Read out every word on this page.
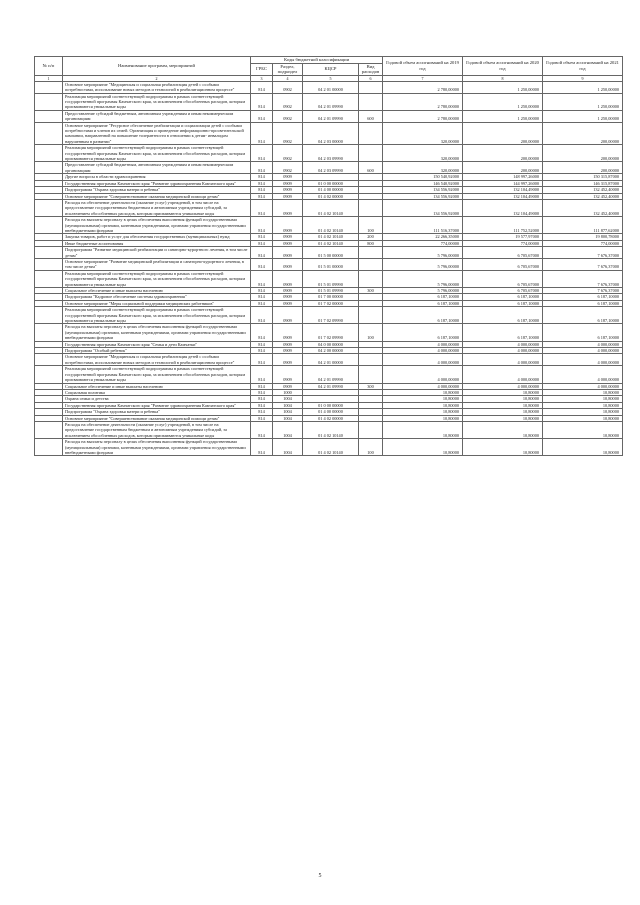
№ п/п	Наименование программ, мероприятий	Коды бюджетной классификации				Годовой объем ассигнований на 2019 год	Годовой объем ассигнований на 2020 год	Годовой объем ассигнований на 2021 год
		ГРБС	Раздел, подраздел	КЦСР	Вид расходов			
1	2	3	4	5	6	7	8	9
	Основное мероприятие "Медицинская и социальная реабилитация детей с особыми потребностями, использование новых методов и технологий в реабилитационном процессе"	814	0902	04 2 01 00000		2 780,00000	1 250,00000	1 250,00000
	Реализация мероприятий соответствующей подпрограммы в рамках соответствующей государственной программы Камчатского края, за исключением обособленных расходов, которым присваиваются уникальные коды	814	0902	04 2 01 09990		2 780,00000	1 250,00000	1 250,00000
	Предоставление субсидий бюджетным, автономным учреждениям и иным некоммерческим организациям	814	0902	04 2 01 09990	600	2 780,00000	1 250,00000	1 250,00000
	Основное мероприятие "Ресурсное обеспечение реабилитации и социализации детей с особыми потребностями и членов их семей. Организация и проведение информационно-просветительской кампании, направленной на повышение толерантности в отношении к детям- инвалидам нарушенным в развитии"	814	0902	04 2 03 00000		320,00000	200,00000	200,00000
	Реализация мероприятий соответствующей подпрограммы в рамках соответствующей государственной программы Камчатского края, за исключением обособленных расходов, которым присваиваются уникальные коды	814	0902	04 2 03 09990		320,00000	200,00000	200,00000
	Предоставление субсидий бюджетным, автономным учреждениям и иным некоммерческим организациям	814	0902	04 2 03 09990	600	320,00000	200,00000	200,00000
	Другие вопросы в области здравоохранения	814	0909			150 540,92000	148 997,26000	150 315,87000
	Государственная программа Камчатского края "Развитие здравоохранения Камчатского края"	814	0909	01 0 00 00000		146 540,92000	144 997,26000	146 315,87000
	Подпрограмма "Охрана здоровья матери и ребенка"	814	0909	01 4 00 00000		134 556,92000	132 104,49000	132 452,40000
	Основное мероприятие "Совершенствование оказания медицинской помощи детям"	814	0909	01 4 02 00000		134 556,92000	132 104,49000	132 452,40000
	Расходы на обеспечение деятельности (оказание услуг) учреждений, в том числе на предоставление государственным бюджетным и автономным учреждениям субсидий, за исключением обособленных расходов, которым присваиваются уникальные коды	814	0909	01 4 02 10140		134 556,92000	132 104,49000	132 452,40000
	Расходы на выплаты персоналу в целях обеспечения выполнения функций государственными (муниципальными) органами, казенными учреждениями, органами управления государственными внебюджетными фондами	814	0909	01 4 02 10140	100	111 516,37000	111 752,52000	111 877,62000
	Закупка товаров, работ и услуг для обеспечения государственных (муниципальных) нужд	814	0909	01 4 02 10140	200	22 266,35000	19 577,97000	19 800,78000
	Иные бюджетные ассигнования	814	0909	01 4 02 10140	800	774,00000	774,00000	774,00000
	Подпрограмма "Развитие медицинской реабилитации и санаторно-курортного лечения, в том числе детям"	814	0909	01 5 00 00000		5 796,00000	6 705,67000	7 676,37000
	Основное мероприятие "Развитие медицинской реабилитации и санаторно-курортного лечения, в том числе детям"	814	0909	01 5 01 00000		5 796,00000	6 705,67000	7 676,37000
	Реализация мероприятий соответствующей подпрограммы в рамках соответствующей государственной программы Камчатского края, за исключением обособленных расходов, которым присваиваются уникальные коды	814	0909	01 5 01 09990		5 796,00000	6 705,67000	7 676,37000
	Социальное обеспечение и иные выплаты населению	814	0909	01 5 01 09990	300	5 796,00000	6 705,67000	7 676,37000
	Подпрограмма "Кадровое обеспечение системы здравоохранения"	814	0909	01 7 00 00000		6 187,10000	6 187,10000	6 187,10000
	Основное мероприятие "Меры социальной поддержки медицинских работников"	814	0909	01 7 02 00000		6 187,10000	6 187,10000	6 187,10000
	Реализация мероприятий соответствующей подпрограммы в рамках соответствующей государственной программы Камчатского края, за исключением обособленных расходов, которым присваиваются уникальные коды	814	0909	01 7 02 09990		6 187,10000	6 187,10000	6 187,10000
	Расходы на выплаты персоналу в целях обеспечения выполнения функций государственными (муниципальными) органами, казенными учреждениями, органами управления государственными внебюджетными фондами	814	0909	01 7 02 09990	100	6 187,10000	6 187,10000	6 187,10000
	Государственная программа Камчатского края "Семья и дети Камчатки"	814	0909	04 0 00 00000		4 000,00000	4 000,00000	4 000,00000
	Подпрограмма "Особый ребенок"	814	0909	04 2 00 00000		4 000,00000	4 000,00000	4 000,00000
	Основное мероприятие "Медицинская и социальная реабилитация детей с особыми потребностями, использование новых методов и технологий в реабилитационном процессе"	814	0909	04 2 01 00000		4 000,00000	4 000,00000	4 000,00000
	Реализация мероприятий соответствующей подпрограммы в рамках соответствующей государственной программы Камчатского края, за исключением обособленных расходов, которым присваиваются уникальные коды	814	0909	04 2 01 09990		4 000,00000	4 000,00000	4 000,00000
	Социальное обеспечение и иные выплаты населению	814	0909	04 2 01 09990	300	4 000,00000	4 000,00000	4 000,00000
	Социальная политика	814	1000			10,80000	10,80000	10,80000
	Охрана семьи и детства	814	1004			10,80000	10,80000	10,80000
	Государственная программа Камчатского края "Развитие здравоохранения Камчатского края"	814	1004	01 0 00 00000		10,80000	10,80000	10,80000
	Подпрограмма "Охрана здоровья матери и ребенка"	814	1004	01 4 00 00000		10,80000	10,80000	10,80000
	Основное мероприятие "Совершенствование оказания медицинской помощи детям"	814	1004	01 4 02 00000		10,80000	10,80000	10,80000
	Расходы на обеспечение деятельности (оказание услуг) учреждений, в том числе на предоставление государственным бюджетным и автономным учреждениям субсидий, за исключением обособленных расходов, которым присваиваются уникальные коды	814	1004	01 4 02 10140		10,80000	10,80000	10,80000
	Расходы на выплаты персоналу в целях обеспечения выполнения функций государственными (муниципальными) органами, казенными учреждениями, органами управления государственными внебюджетными фондами	814	1004	01 4 02 10140	100	10,80000	10,80000	10,80000
5
